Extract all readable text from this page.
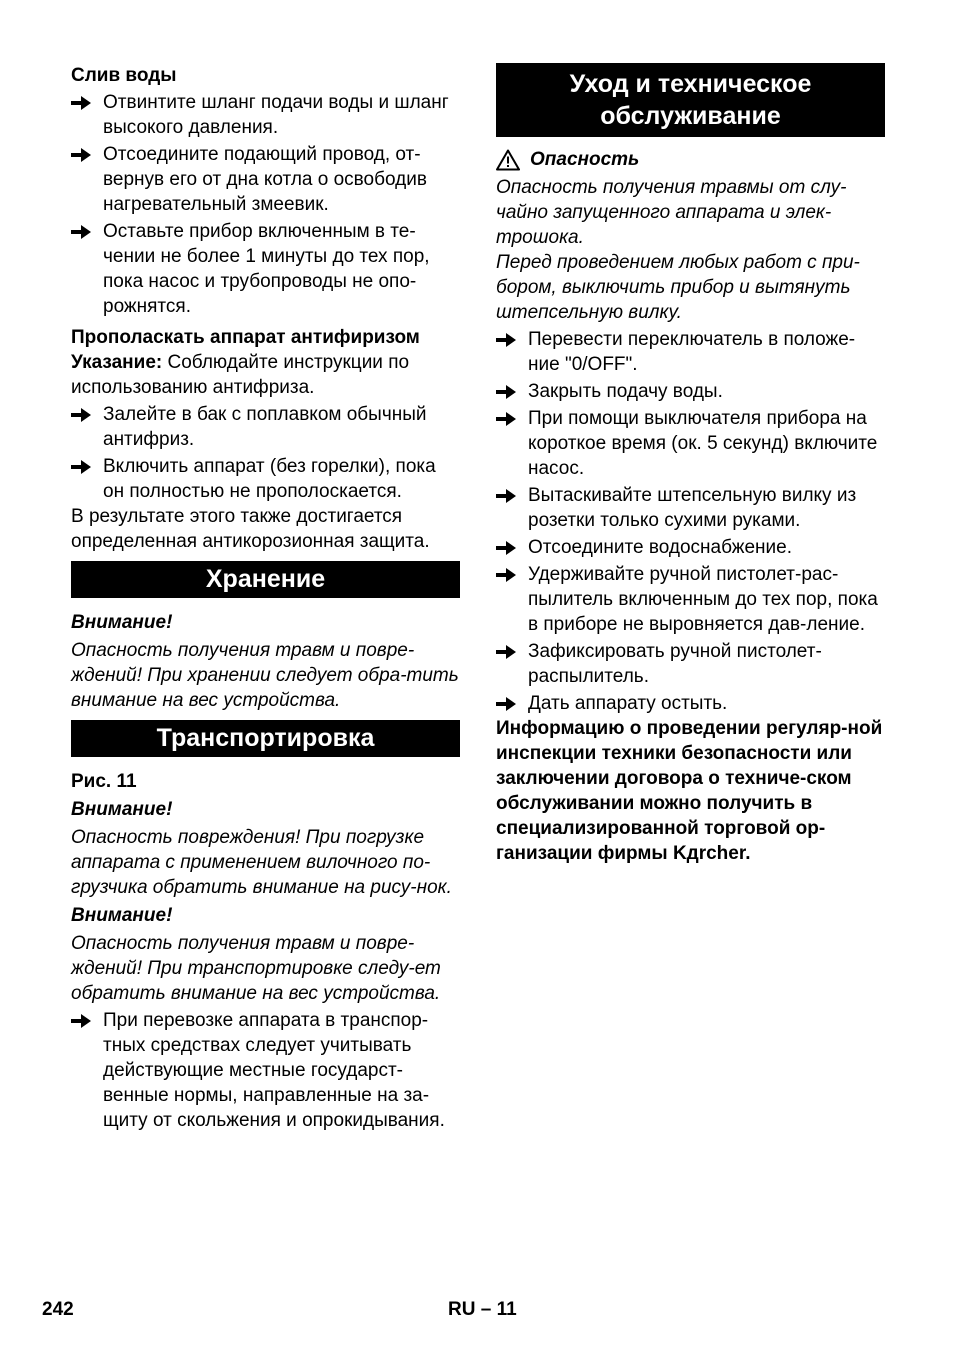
Слив воды

Отвинтите шланг подачи воды и шланг высокого давления.
Отсоедините подающий провод, от-вернув его от дна котла о освободив нагревательный змеевик.
Оставьте прибор включенным в те-чении не более 1 минуты до тех пор, пока насос и трубопроводы не опо-рожнятся.

Прополаскать аппарат антифиризом

Указание: Соблюдайте инструкции по использованию антифриза.

Залейте в бак с поплавком обычный антифриз.
Включить аппарат (без горелки), пока он полностью не прополоскается.

В результате этого также достигается определенная антикорозионная защита.

Хранение

Внимание!

Опасность получения травм и повре-ждений! При хранении следует обра-тить внимание на вес устройства.

Транспортировка

Рис. 11

Внимание!

Опасность повреждения! При погрузке аппарата с применением вилочного по-грузчика обратить внимание на рису-нок.

Внимание!

Опасность получения травм и повре-ждений! При транспортировке следу-ет обратить внимание на вес устройства.

При перевозке аппарата в транспор-тных средствах следует учитывать действующие местные государст-венные нормы, направленные на за-щиту от скольжения и опрокидывания.
Уход и техническое обслуживание
Опасность

Опасность получения травмы от слу-чайно запущенного аппарата и элек-трошока.

Перед проведением любых работ с при-бором, выключить прибор и вытянуть штепсельную вилку.

Перевести переключатель в положе-ние "0/OFF".
Закрыть подачу воды.
При помощи выключателя прибора на короткое время (ок. 5 секунд) включите насос.
Вытаскивайте штепсельную вилку из розетки только сухими руками.
Отсоедините водоснабжение.
Удерживайте ручной пистолет-рас-пылитель включенным до тех пор, пока в приборе не выровняется дав-ление.
Зафиксировать ручной пистолет-распылитель.
Дать аппарату остыть.

Информацию о проведении регуляр-ной инспекции техники безопасности или заключении договора о техниче-ском обслуживании можно получить в специализированной торговой ор-ганизации фирмы Kдrcher.

242	RU – 11
